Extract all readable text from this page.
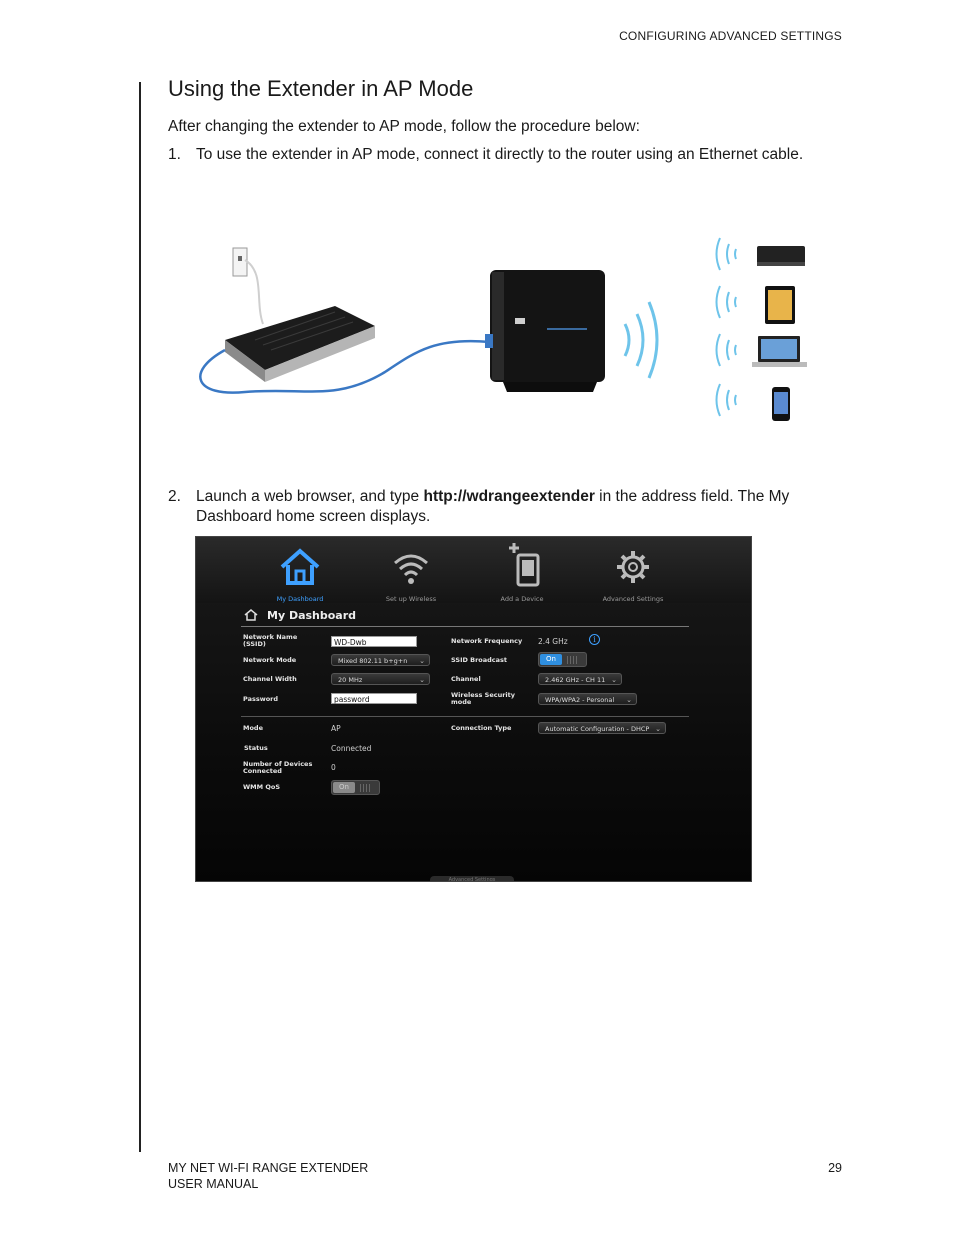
CONFIGURING ADVANCED SETTINGS
Using the Extender in AP Mode

After changing the extender to AP mode, follow the procedure below:

1. To use the extender in AP mode, connect it directly to the router using an Ethernet cable.
2. Launch a web browser, and type http://wdrangeextender in the address field. The My Dashboard home screen displays.
My Dashboard	Set up Wireless	Add a Device	Advanced Settings
My Dashboard
Network Name (SSID)	WD-Dwb
Network Mode	Mixed 802.11 b+g+n ⌄
Channel Width	20 MHz	⌄
Password	password
Network Frequency 2.4 GHz	i
SSID Broadcast	On
Channel	2.462 GHz - CH 11 ⌄
Wireless Security mode	WPA/WPA2 - Personal ⌄
Mode	AP	Connection Type	Automatic Configuration - DHCP ⌄
Status	Connected
Number of Devices Connected	0
WMM QoS	On
Advanced Settings
MY NET WI-FI RANGE EXTENDER
USER MANUAL
29
